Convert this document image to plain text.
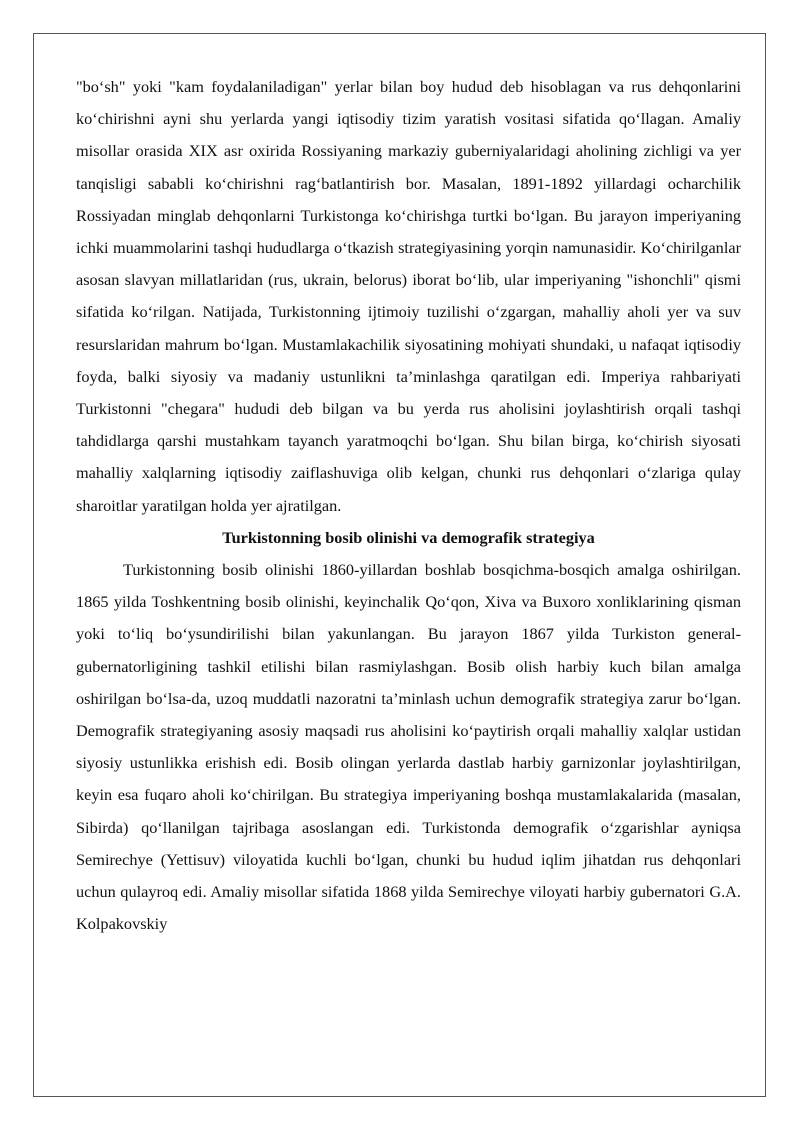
"bo‘sh" yoki "kam foydalaniladigan" yerlar bilan boy hudud deb hisoblagan va rus dehqonlarini ko‘chirishni ayni shu yerlarda yangi iqtisodiy tizim yaratish vositasi sifatida qo‘llagan. Amaliy misollar orasida XIX asr oxirida Rossiyaning markaziy guberniyalaridagi aholining zichligi va yer tanqisligi sababli ko‘chirishni rag‘batlantirish bor. Masalan, 1891-1892 yillardagi ocharchilik Rossiyadan minglab dehqonlarni Turkistonga ko‘chirishga turtki bo‘lgan. Bu jarayon imperiyaning ichki muammolarini tashqi hududlarga o‘tkazish strategiyasining yorqin namunasidir. Ko‘chirilganlar asosan slavyan millatlaridan (rus, ukrain, belorus) iborat bo‘lib, ular imperiyaning "ishonchli" qismi sifatida ko‘rilgan. Natijada, Turkistonning ijtimoiy tuzilishi o‘zgargan, mahalliy aholi yer va suv resurslaridan mahrum bo‘lgan. Mustamlakachilik siyosatining mohiyati shundaki, u nafaqat iqtisodiy foyda, balki siyosiy va madaniy ustunlikni ta’minlashga qaratilgan edi. Imperiya rahbariyati Turkistonni "chegara" hududi deb bilgan va bu yerda rus aholisini joylashtirish orqali tashqi tahdidlarga qarshi mustahkam tayanch yaratmoqchi bo‘lgan. Shu bilan birga, ko‘chirish siyosati mahalliy xalqlarning iqtisodiy zaiflashuviga olib kelgan, chunki rus dehqonlari o‘zlariga qulay sharoitlar yaratilgan holda yer ajratilgan.

Turkistonning bosib olinishi va demografik strategiya

Turkistonning bosib olinishi 1860-yillardan boshlab bosqichma-bosqich amalga oshirilgan. 1865 yilda Toshkentning bosib olinishi, keyinchalik Qo‘qon, Xiva va Buxoro xonliklarining qisman yoki to‘liq bo‘ysundirilishi bilan yakunlangan. Bu jarayon 1867 yilda Turkiston general-gubernatorligining tashkil etilishi bilan rasmiylashgan. Bosib olish harbiy kuch bilan amalga oshirilgan bo‘lsa-da, uzoq muddatli nazoratni ta’minlash uchun demografik strategiya zarur bo‘lgan. Demografik strategiyaning asosiy maqsadi rus aholisini ko‘paytirish orqali mahalliy xalqlar ustidan siyosiy ustunlikka erishish edi. Bosib olingan yerlarda dastlab harbiy garnizonlar joylashtirilgan, keyin esa fuqaro aholi ko‘chirilgan. Bu strategiya imperiyaning boshqa mustamlakalarida (masalan, Sibirda) qo‘llanilgan tajribaga asoslangan edi. Turkistonda demografik o‘zgarishlar ayniqsa Semirechye (Yettisuv) viloyatida kuchli bo‘lgan, chunki bu hudud iqlim jihatdan rus dehqonlari uchun qulayroq edi. Amaliy misollar sifatida 1868 yilda Semirechye viloyati harbiy gubernatori G.A. Kolpakovskiy
